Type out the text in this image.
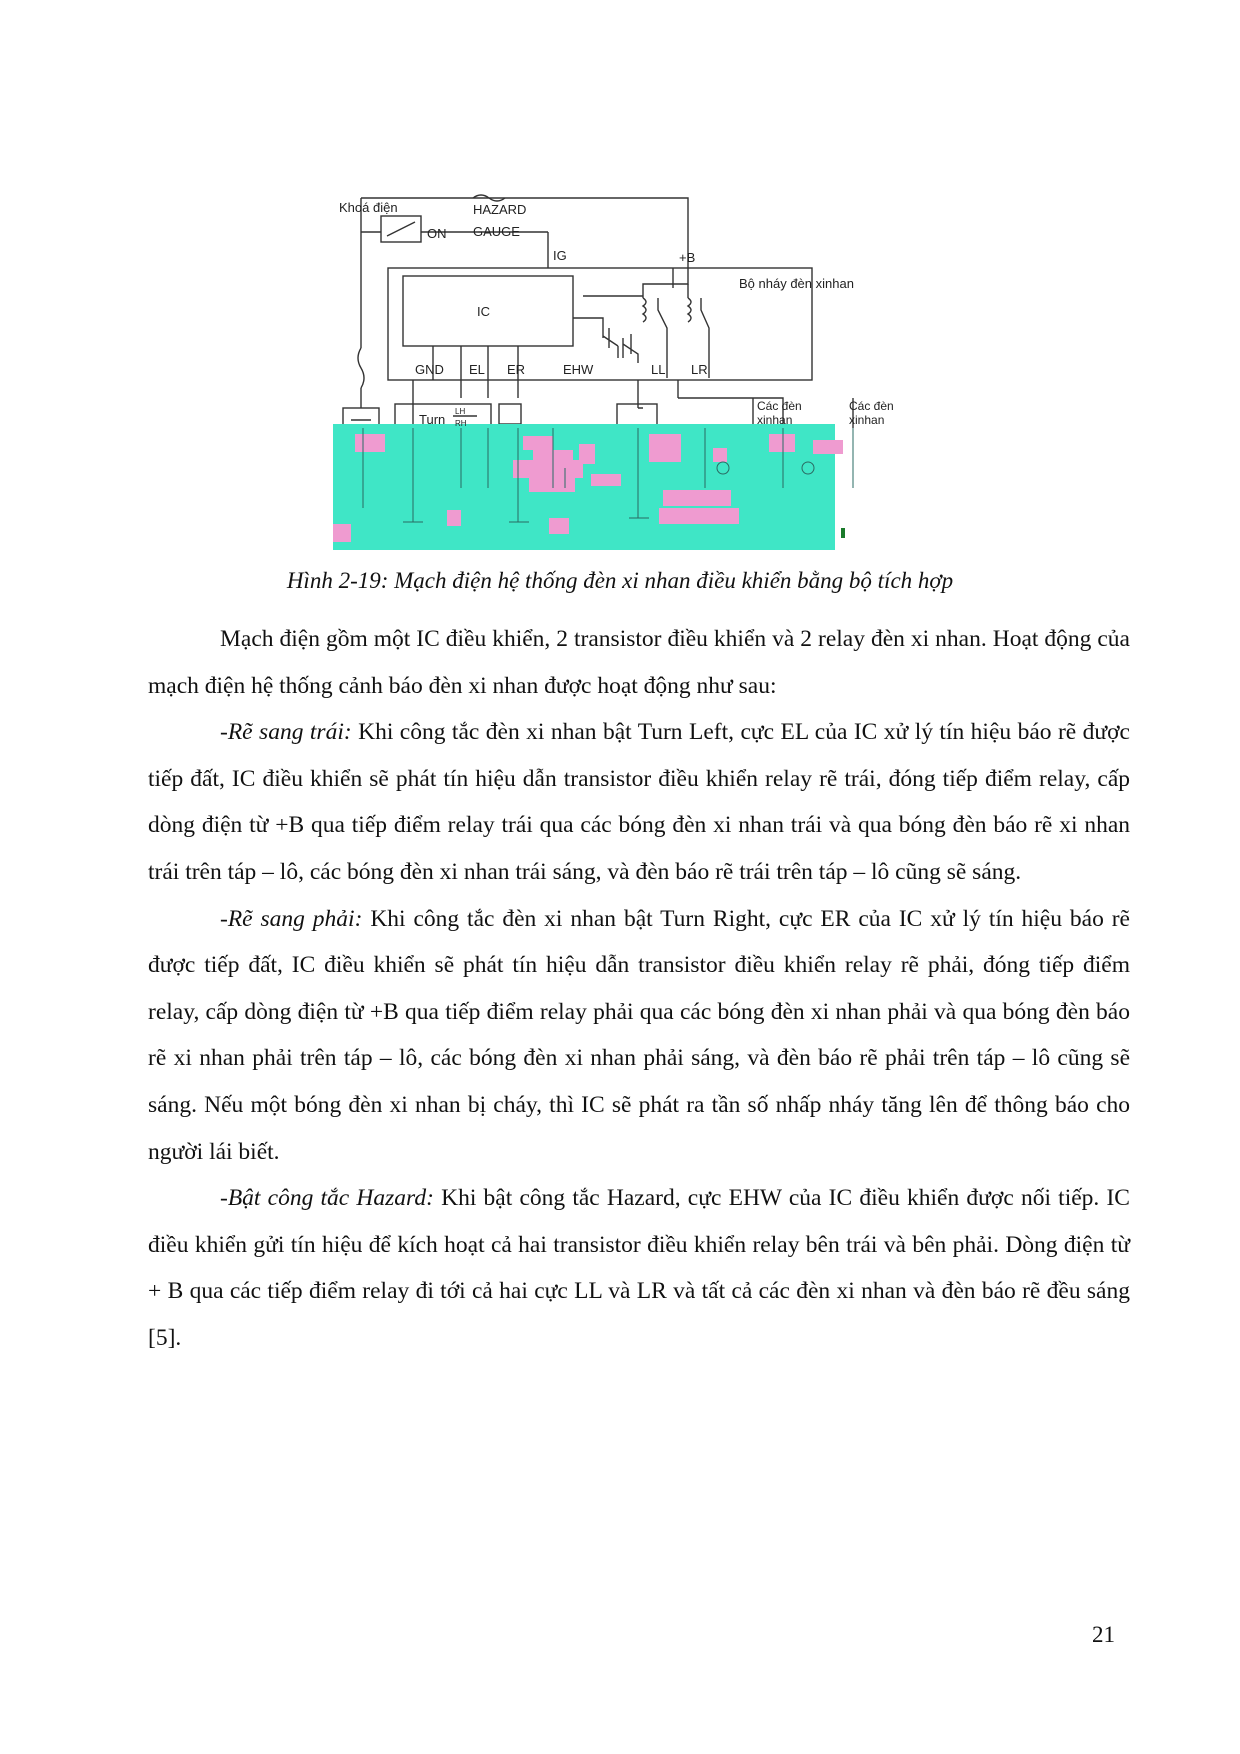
Khoá điện
ON
HAZARD
GAUGE
IG	+B
Bộ nháy đèn xinhan
IC
GND EL ER	EHW	LL LR
Turn
LH
RH
Các đèn
xinhan
Các đèn
xinhan
Hình 2-19: Mạch điện hệ thống đèn xi nhan điều khiển bằng bộ tích hợp

Mạch điện gồm một IC điều khiển, 2 transistor điều khiển và 2 relay đèn xi nhan. Hoạt động của mạch điện hệ thống cảnh báo đèn xi nhan được hoạt động như sau:

-Rẽ sang trái: Khi công tắc đèn xi nhan bật Turn Left, cực EL của IC xử lý tín hiệu báo rẽ được tiếp đất, IC điều khiển sẽ phát tín hiệu dẫn transistor điều khiển relay rẽ trái, đóng tiếp điểm relay, cấp dòng điện từ +B qua tiếp điểm relay trái qua các bóng đèn xi nhan trái và qua bóng đèn báo rẽ xi nhan trái trên táp – lô, các bóng đèn xi nhan trái sáng, và đèn báo rẽ trái trên táp – lô cũng sẽ sáng.

-Rẽ sang phải: Khi công tắc đèn xi nhan bật Turn Right, cực ER của IC xử lý tín hiệu báo rẽ được tiếp đất, IC điều khiển sẽ phát tín hiệu dẫn transistor điều khiển relay rẽ phải, đóng tiếp điểm relay, cấp dòng điện từ +B qua tiếp điểm relay phải qua các bóng đèn xi nhan phải và qua bóng đèn báo rẽ xi nhan phải trên táp – lô, các bóng đèn xi nhan phải sáng, và đèn báo rẽ phải trên táp – lô cũng sẽ sáng. Nếu một bóng đèn xi nhan bị cháy, thì IC sẽ phát ra tần số nhấp nháy tăng lên để thông báo cho người lái biết.

-Bật công tắc Hazard: Khi bật công tắc Hazard, cực EHW của IC điều khiển được nối tiếp. IC điều khiển gửi tín hiệu để kích hoạt cả hai transistor điều khiển relay bên trái và bên phải. Dòng điện từ + B qua các tiếp điểm relay đi tới cả hai cực LL và LR và tất cả các đèn xi nhan và đèn báo rẽ đều sáng [5].

21
